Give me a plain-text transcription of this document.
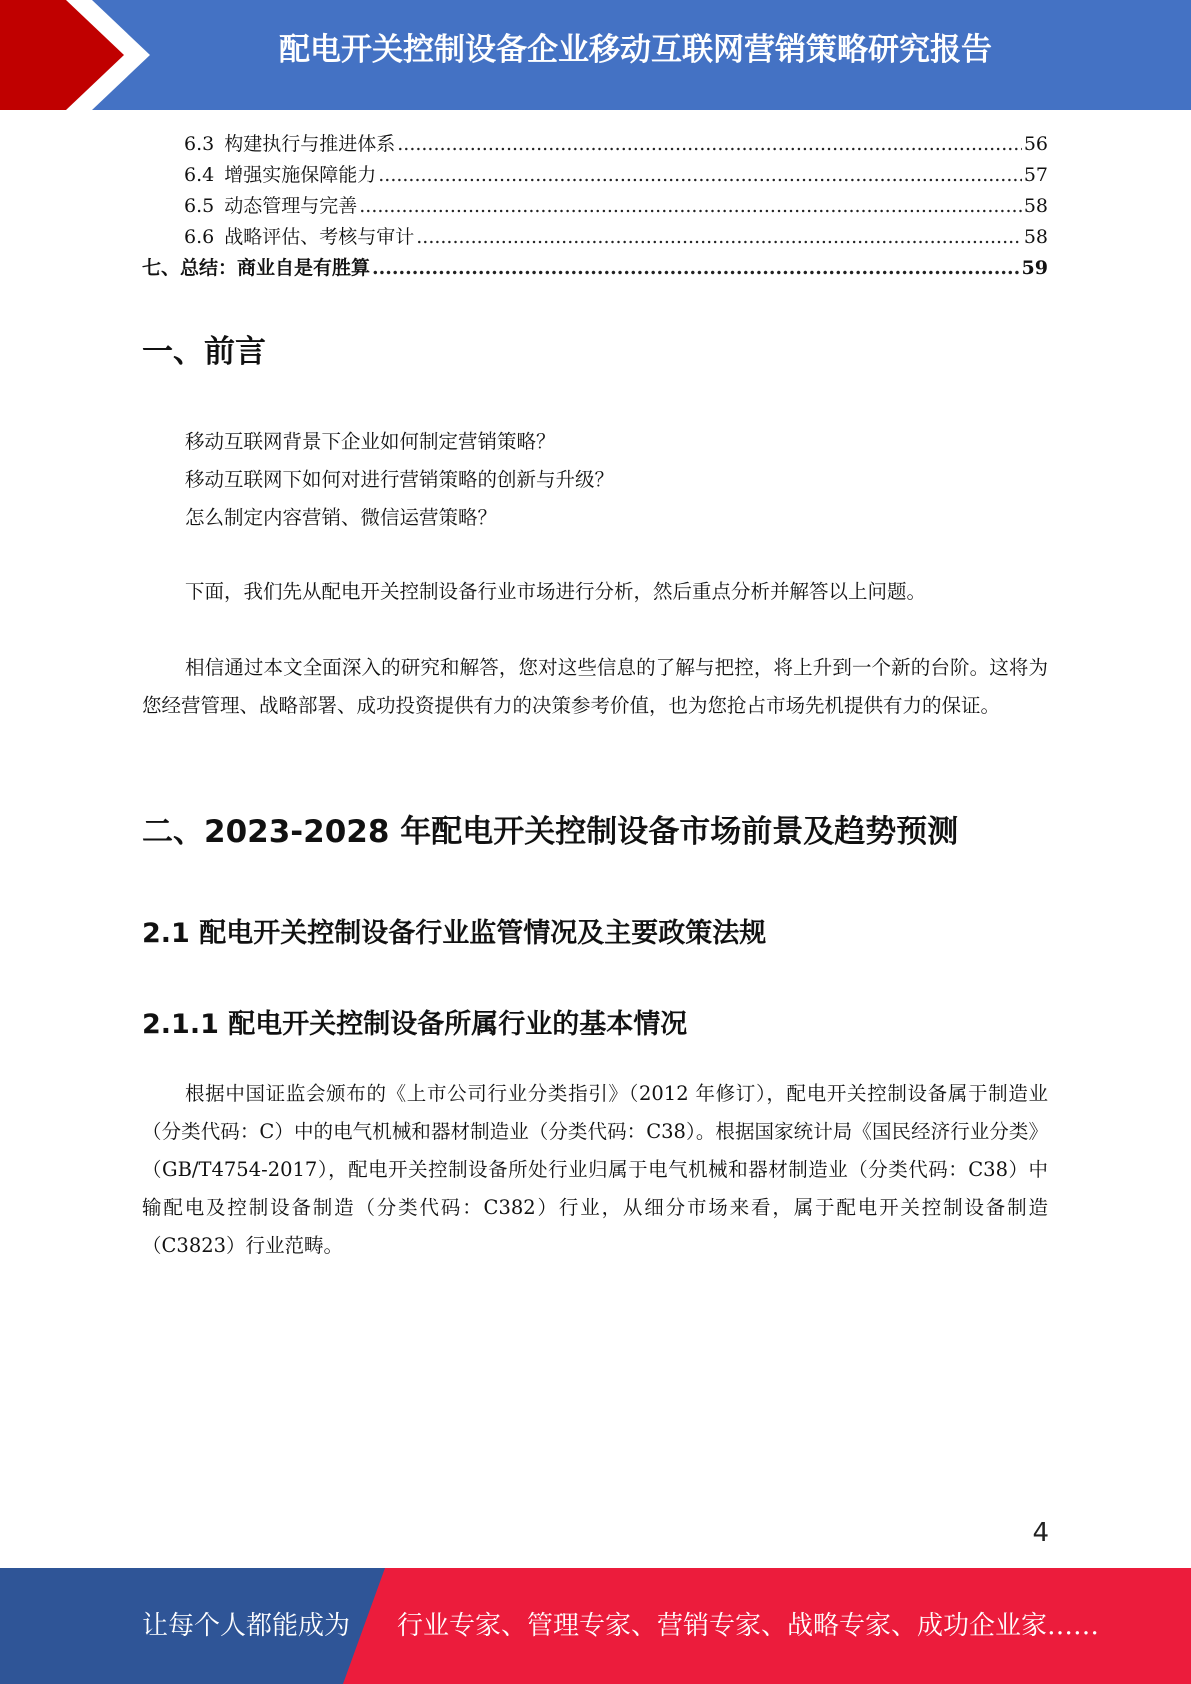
配电开关控制设备企业移动互联网营销策略研究报告
6.3 构建执行与推进体系 .....	56
6.4 增强实施保障能力 .....	57
6.5 动态管理与完善 .....	58
6.6 战略评估、考核与审计 .....	58
七、总结：商业自是有胜算 .....	59
一、前言
移动互联网背景下企业如何制定营销策略？
移动互联网下如何对进行营销策略的创新与升级？
怎么制定内容营销、微信运营策略？
下面，我们先从配电开关控制设备行业市场进行分析，然后重点分析并解答以上问题。
相信通过本文全面深入的研究和解答，您对这些信息的了解与把控，将上升到一个新的台阶。这将为您经营管理、战略部署、成功投资提供有力的决策参考价值，也为您抢占市场先机提供有力的保证。
二、2023-2028 年配电开关控制设备市场前景及趋势预测
2.1 配电开关控制设备行业监管情况及主要政策法规
2.1.1 配电开关控制设备所属行业的基本情况
根据中国证监会颁布的《上市公司行业分类指引》（2012 年修订），配电开关控制设备属于制造业（分类代码：C）中的电气机械和器材制造业（分类代码：C38）。根据国家统计局《国民经济行业分类》（GB/T4754-2017），配电开关控制设备所处行业归属于电气机械和器材制造业（分类代码：C38）中输配电及控制设备制造（分类代码：C382）行业，从细分市场来看，属于配电开关控制设备制造（C3823）行业范畴。
4
让每个人都能成为 行业专家、管理专家、营销专家、战略专家、成功企业家……
